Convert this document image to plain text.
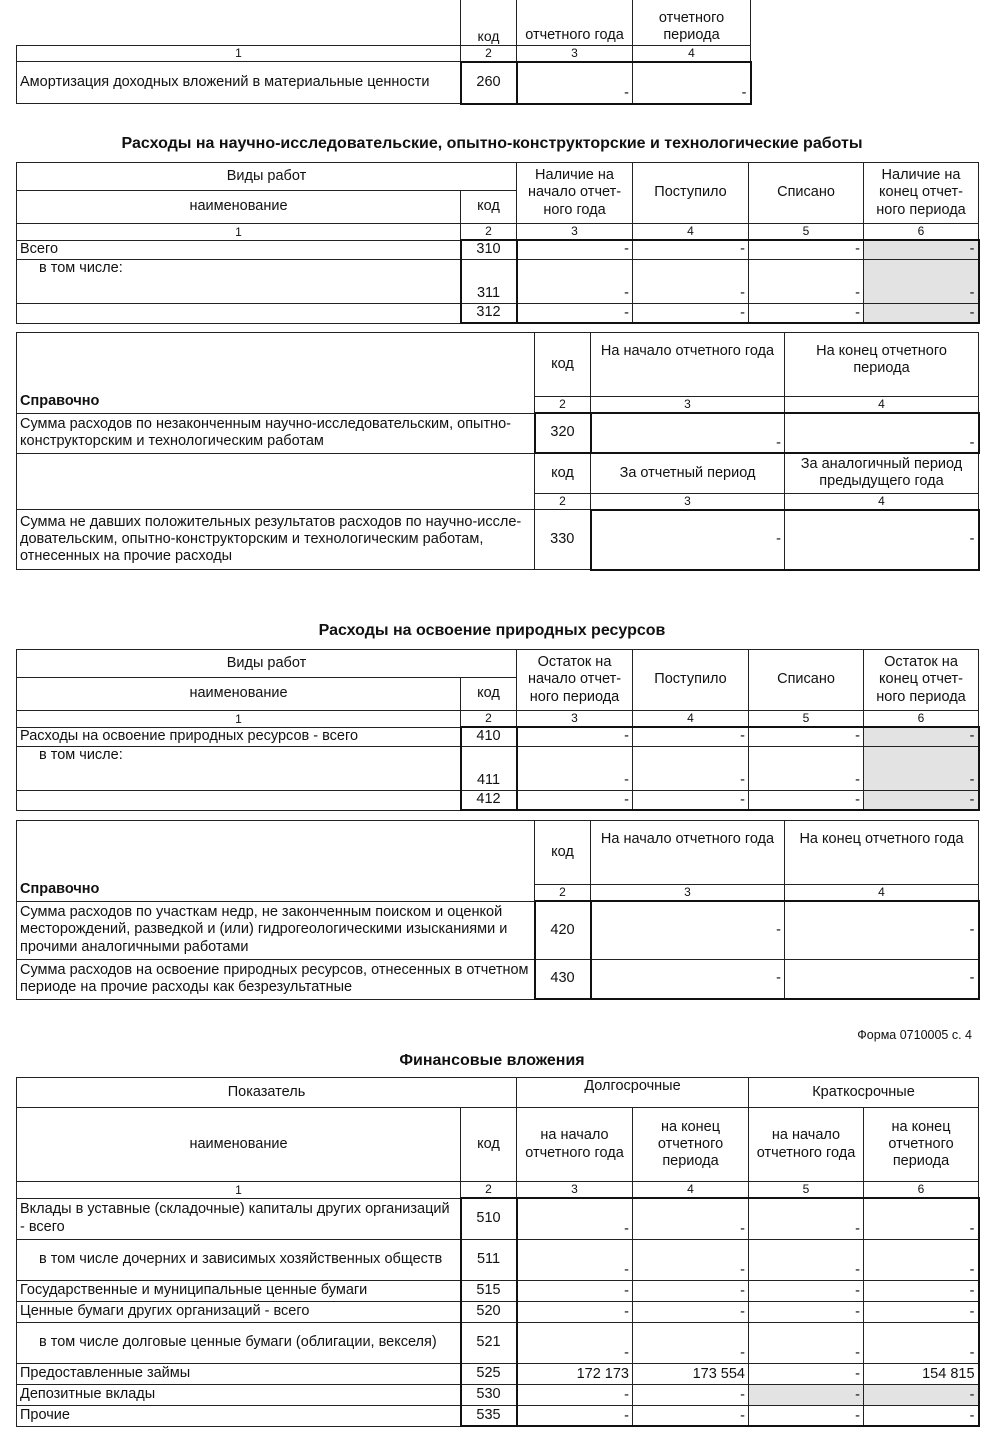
	код	отчетного года	отчетного периода
1	2	3	4
Амортизация доходных вложений в материальные ценности	260	-	-
Расходы на научно-исследовательские, опытно-конструкторские и технологические работы
Виды работ		Наличие на начало отчет-ного года	Поступило	Списано	Наличие на конец отчет-ного периода
наименование	код				
1	2	3	4	5	6
Всего	310	-	-	-	-
в том числе:	311	-	-	-	-
	312	-	-	-	-
Справочно	код	На начало отчетного года	На конец отчетного периода
	2	3	4
Сумма расходов по незаконченным научно-исследовательским, опытно-конструкторским и технологическим работам	320	-	-
	код	За отчетный период	За аналогичный период предыдущего года
	2	3	4
Сумма не давших положительных результатов расходов по научно-иссле- довательским, опытно-конструкторским и технологическим работам, отнесенных на прочие расходы	330	-	-
Расходы на освоение природных ресурсов
Виды работ		Остаток на начало отчет-ного периода	Поступило	Списано	Остаток на конец отчет-ного периода
наименование	код				
1	2	3	4	5	6
Расходы на освоение природных ресурсов - всего	410	-	-	-	-
в том числе:	411	-	-	-	-
	412	-	-	-	-
Справочно	код	На начало отчетного года	На конец отчетного года
	2	3	4
Сумма расходов по участкам недр, не законченным поиском и оценкой месторождений, разведкой и (или) гидрогеологическими изысканиями и прочими аналогичными работами	420	-	-
Сумма расходов на освоение природных ресурсов, отнесенных в отчетном периоде на прочие расходы как безрезультатные	430	-	-
Форма 0710005 с. 4
Финансовые вложения
Показатель		Долгосрочные		Краткосрочные	
наименование	код	на начало отчетного года	на конец отчетного периода	на начало отчетного года	на конец отчетного периода
1	2	3	4	5	6
Вклады в уставные (складочные) капиталы других организаций - всего	510	-	-	-	-
в том числе дочерних и зависимых хозяйственных обществ	511	-	-	-	-
Государственные и муниципальные ценные бумаги	515	-	-	-	-
Ценные бумаги других организаций - всего	520	-	-	-	-
в том числе долговые ценные бумаги (облигации, векселя)	521	-	-	-	-
Предоставленные займы	525	172 173	173 554	-	154 815
Депозитные вклады	530	-	-	-	-
Прочие	535	-	-	-	-
